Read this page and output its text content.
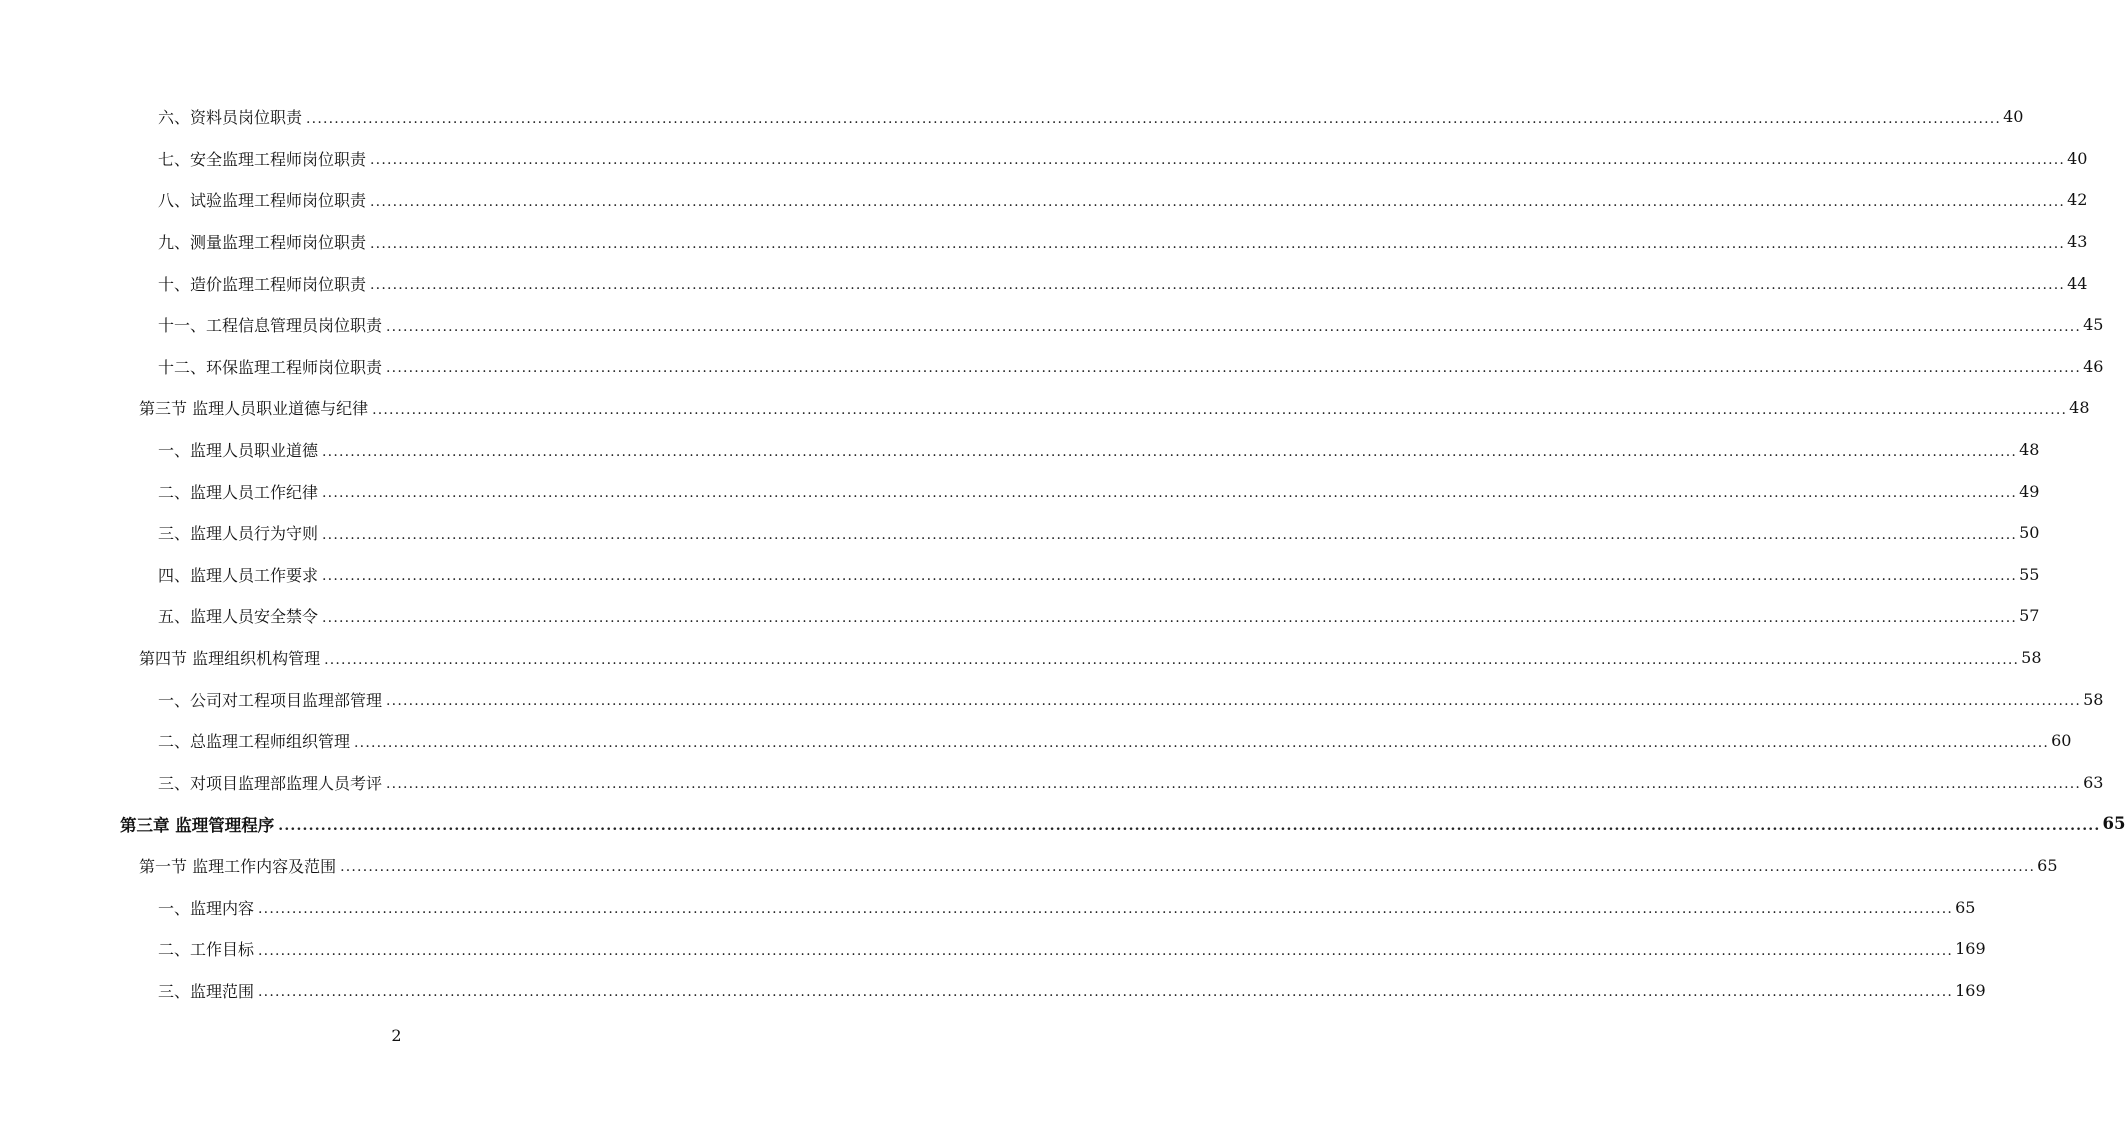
六、资料员岗位职责 ............................................................................................................................................................................................................................................................................................................ 40
七、安全监理工程师岗位职责 ............................................................................................................................................................................................................................................................................................................ 40
八、试验监理工程师岗位职责 ............................................................................................................................................................................................................................................................................................................ 42
九、测量监理工程师岗位职责 ............................................................................................................................................................................................................................................................................................................ 43
十、造价监理工程师岗位职责 ............................................................................................................................................................................................................................................................................................................ 44
十一、工程信息管理员岗位职责 ............................................................................................................................................................................................................................................................................................................ 45
十二、环保监理工程师岗位职责 ............................................................................................................................................................................................................................................................................................................ 46
第三节 监理人员职业道德与纪律 ............................................................................................................................................................................................................................................................................................................ 48
一、监理人员职业道德 ............................................................................................................................................................................................................................................................................................................ 48
二、监理人员工作纪律 ............................................................................................................................................................................................................................................................................................................ 49
三、监理人员行为守则 ............................................................................................................................................................................................................................................................................................................ 50
四、监理人员工作要求 ............................................................................................................................................................................................................................................................................................................ 55
五、监理人员安全禁令 ............................................................................................................................................................................................................................................................................................................ 57
第四节 监理组织机构管理 ............................................................................................................................................................................................................................................................................................................ 58
一、公司对工程项目监理部管理 ............................................................................................................................................................................................................................................................................................................ 58
二、总监理工程师组织管理 ............................................................................................................................................................................................................................................................................................................ 60
三、对项目监理部监理人员考评 ............................................................................................................................................................................................................................................................................................................ 63
第三章 监理管理程序 ............................................................................................................................................................................................................................................................................................................ 65
第一节 监理工作内容及范围 ............................................................................................................................................................................................................................................................................................................ 65
一、监理内容 ............................................................................................................................................................................................................................................................................................................ 65
二、工作目标 ............................................................................................................................................................................................................................................................................................................ 169
三、监理范围 ............................................................................................................................................................................................................................................................................................................ 169
2
